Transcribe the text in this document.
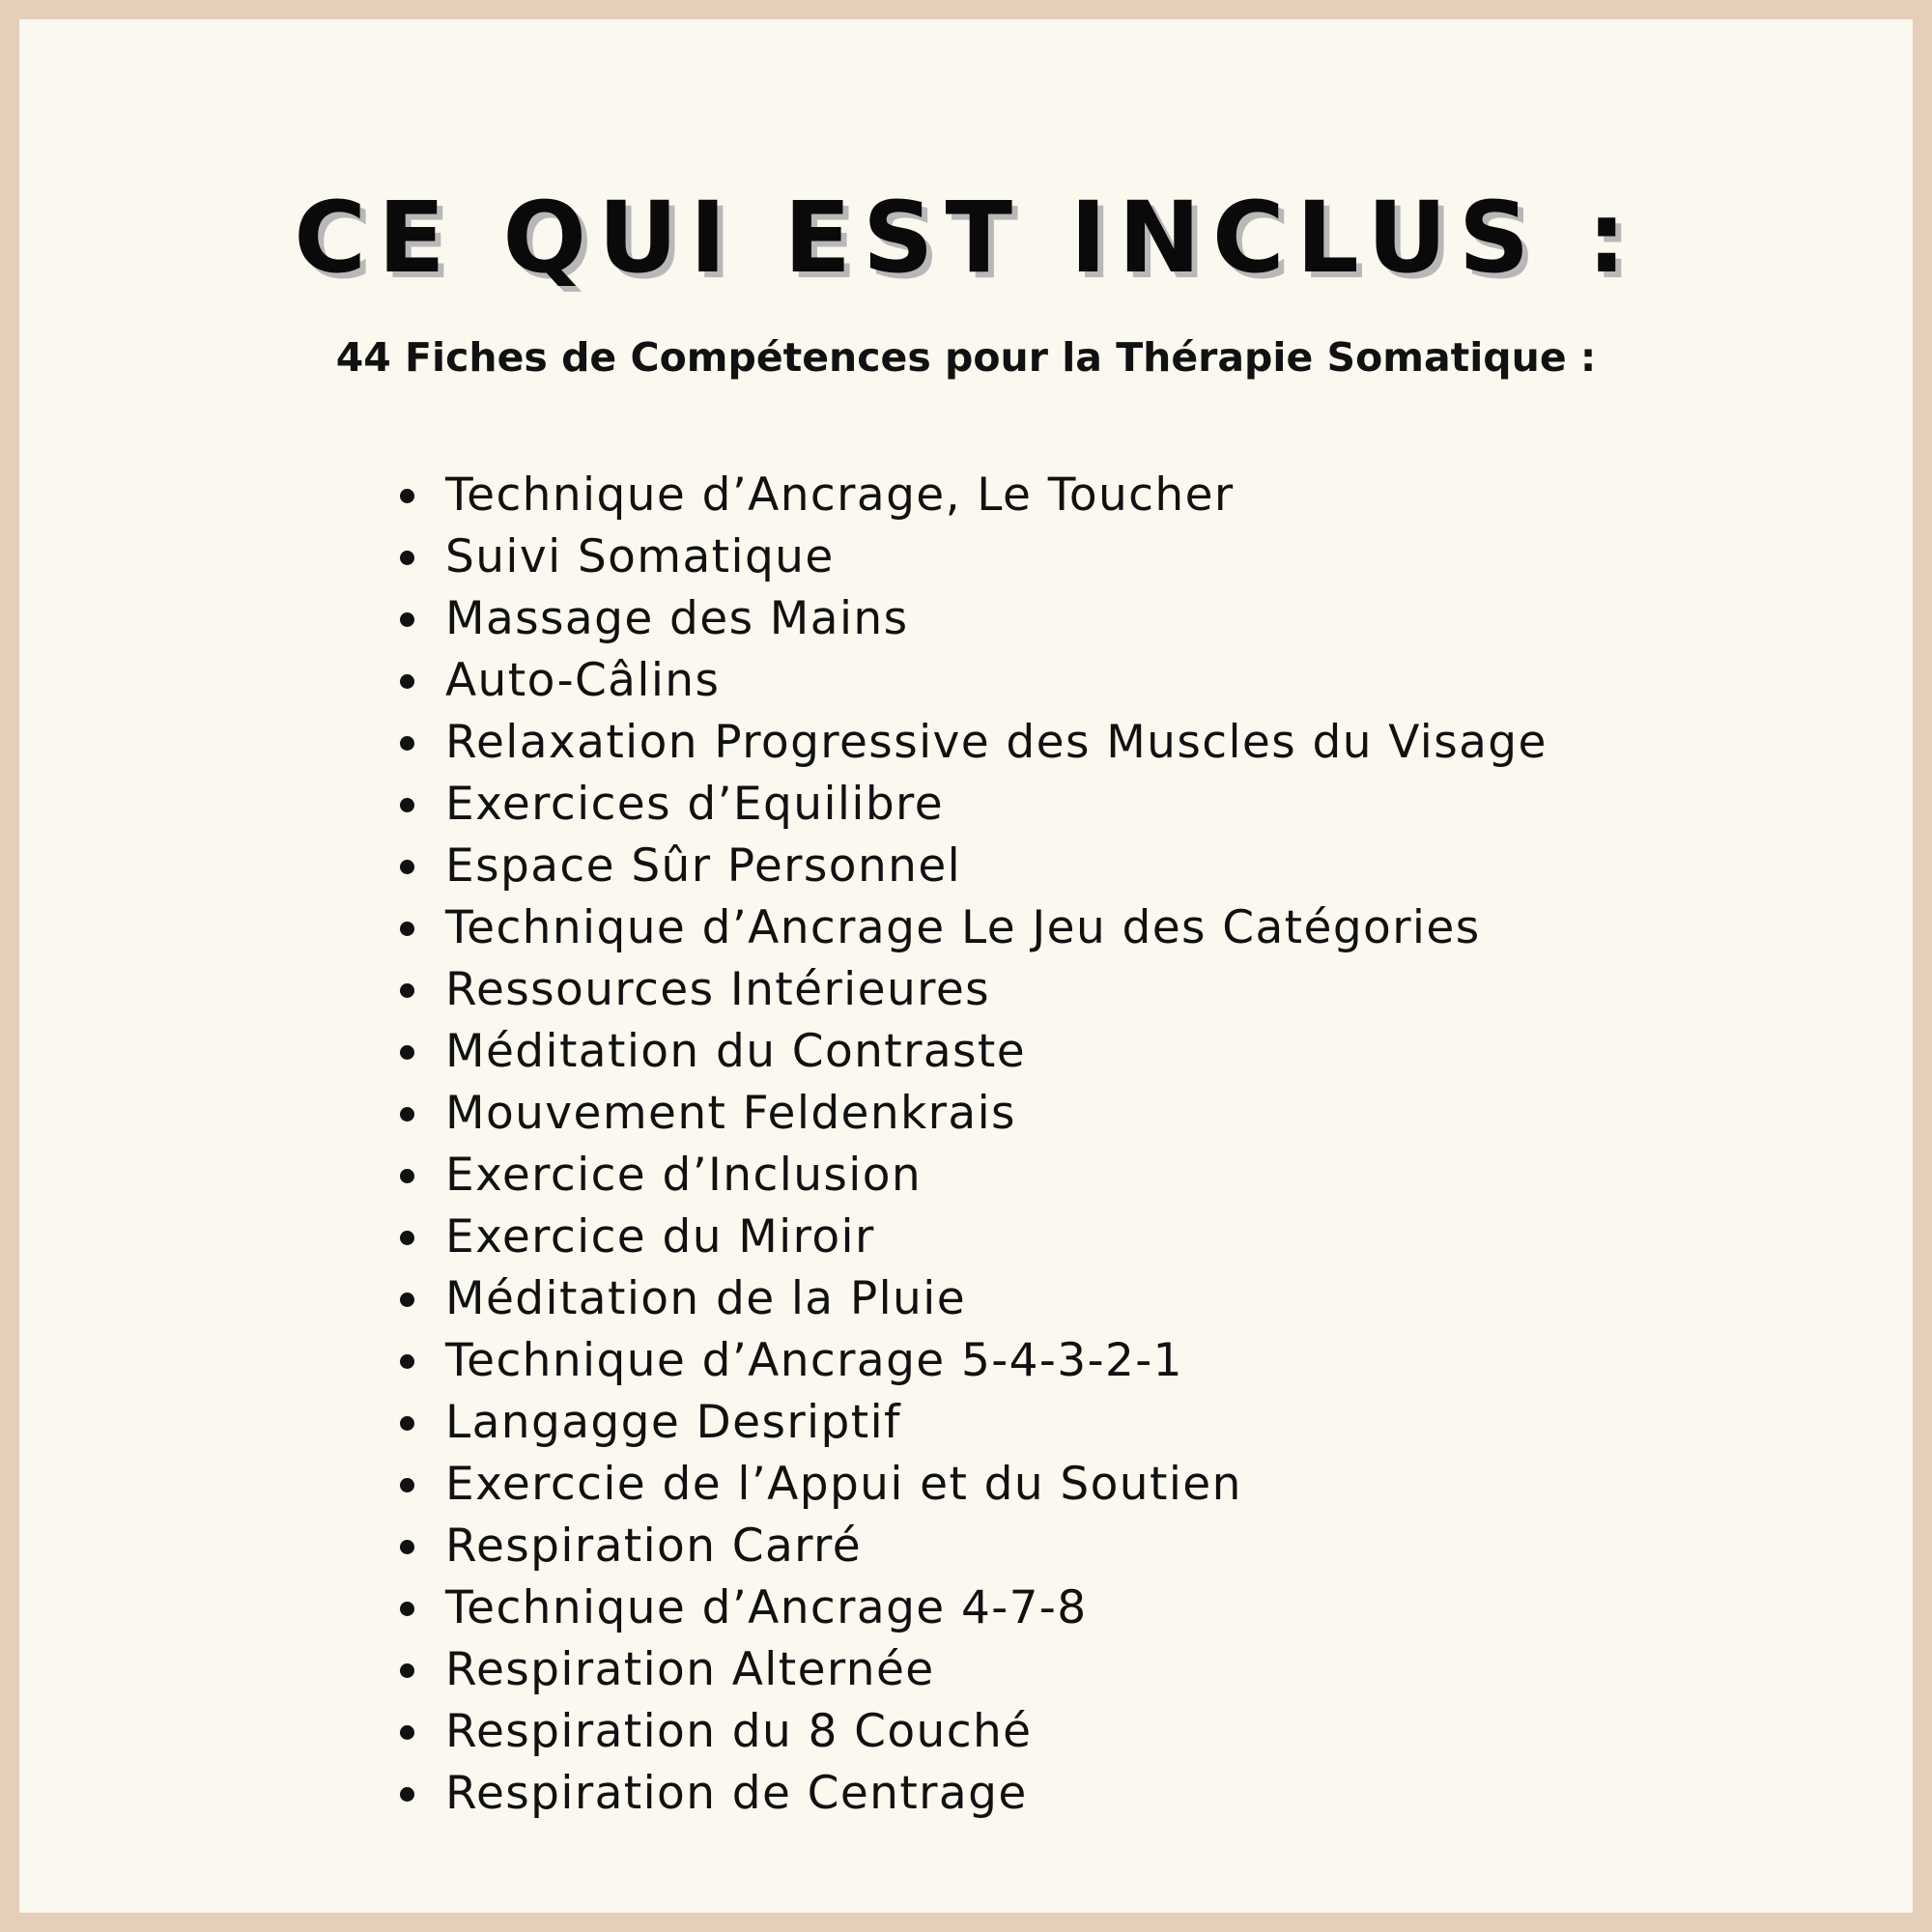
CE QUI EST INCLUS :
44 Fiches de Compétences pour la Thérapie Somatique :
Technique d’Ancrage, Le Toucher
Suivi Somatique
Massage des Mains
Auto-Câlins
Relaxation Progressive des Muscles du Visage
Exercices d’Equilibre
Espace Sûr Personnel
Technique d’Ancrage Le Jeu des Catégories
Ressources Intérieures
Méditation du Contraste
Mouvement Feldenkrais
Exercice d’Inclusion
Exercice du Miroir
Méditation de la Pluie
Technique d’Ancrage 5-4-3-2-1
Langagge Desriptif
Exerccie de l’Appui et du Soutien
Respiration Carré
Technique d’Ancrage 4-7-8
Respiration Alternée
Respiration du 8 Couché
Respiration de Centrage
